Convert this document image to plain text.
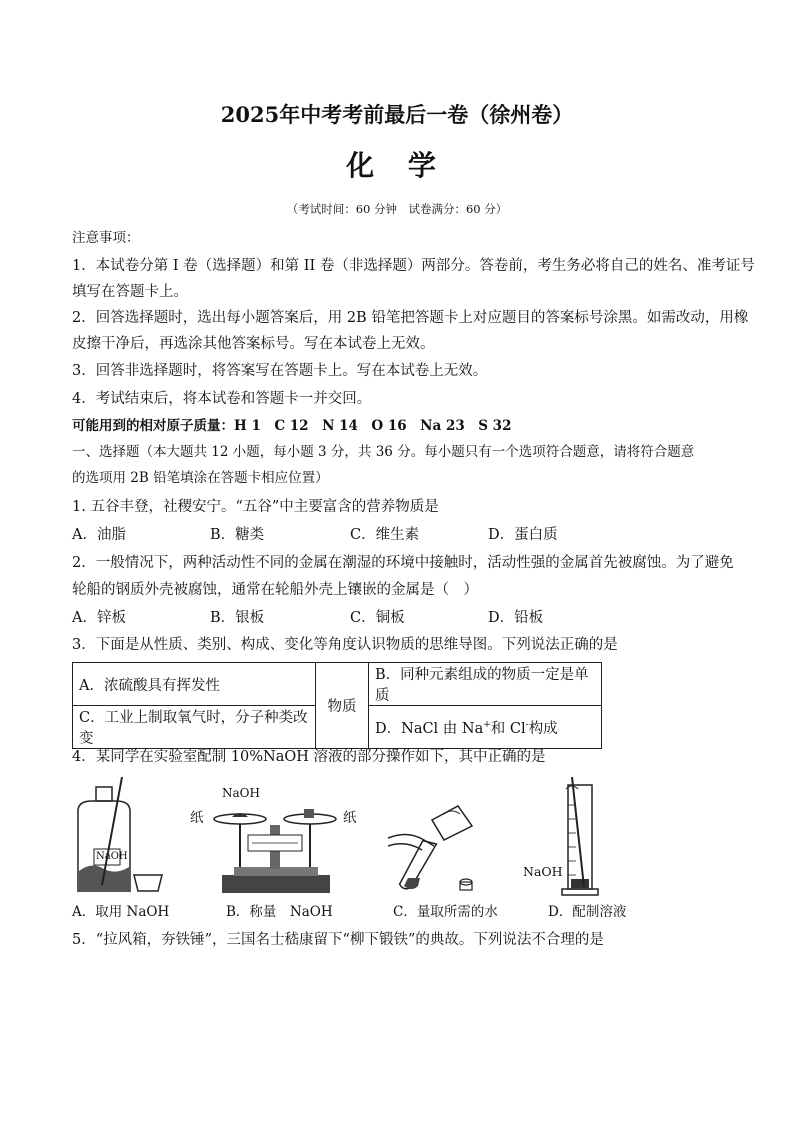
2025年中考考前最后一卷（徐州卷）
化 学
（考试时间：60 分钟　试卷满分：60 分）
注意事项：
1．本试卷分第 I 卷（选择题）和第 II 卷（非选择题）两部分。答卷前，考生务必将自己的姓名、准考证号
填写在答题卡上。
2．回答选择题时，选出每小题答案后，用 2B 铅笔把答题卡上对应题目的答案标号涂黑。如需改动，用橡
皮擦干净后，再选涂其他答案标号。写在本试卷上无效。
3．回答非选择题时，将答案写在答题卡上。写在本试卷上无效。
4．考试结束后，将本试卷和答题卡一并交回。
可能用到的相对原子质量：H 1　C 12　N 14　O 16　Na 23　S 32
一、选择题（本大题共 12 小题，每小题 3 分，共 36 分。每小题只有一个选项符合题意，请将符合题意
的选项用 2B 铅笔填涂在答题卡相应位置）
1. 五谷丰登，社稷安宁。“五谷”中主要富含的营养物质是
A．油脂	B．糖类	C．维生素	D．蛋白质
2．一般情况下，两种活动性不同的金属在潮湿的环境中接触时，活动性强的金属首先被腐蚀。为了避免
轮船的钢质外壳被腐蚀，通常在轮船外壳上镶嵌的金属是（　）
A．锌板	B．银板	C．铜板	D．铅板
3．下面是从性质、类别、构成、变化等角度认识物质的思维导图。下列说法正确的是
A．浓硫酸具有挥发性	物质	B．同种元素组成的物质一定是单质
C．工业上制取氧气时，分子种类改变		D．NaCl 由 Na+和 Cl-构成
4．某同学在实验室配制 10%NaOH 溶液的部分操作如下，其中正确的是
NaOH
NaOH
纸	纸
NaOH
A．取用 NaOH	B．称量　NaOH	C．量取所需的水	D．配制溶液
5．“拉风箱，夯铁锤”，三国名士嵇康留下“柳下锻铁”的典故。下列说法不合理的是
